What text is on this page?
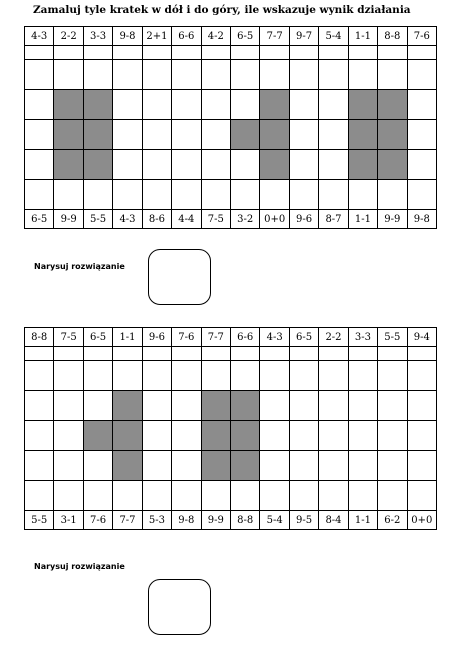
Zamaluj tyle kratek w dół i do góry, ile wskazuje wynik działania
4-3	2-2	3-3	9-8	2+1	6-6	4-2	6-5	7-7	9-7	5-4	1-1	8-8	7-6
6-5	9-9	5-5	4-3	8-6	4-4	7-5	3-2	0+0	9-6	8-7	1-1	9-9	9-8
Narysuj rozwiązanie
8-8	7-5	6-5	1-1	9-6	7-6	7-7	6-6	4-3	6-5	2-2	3-3	5-5	9-4
5-5	3-1	7-6	7-7	5-3	9-8	9-9	8-8	5-4	9-5	8-4	1-1	6-2	0+0
Narysuj rozwiązanie
